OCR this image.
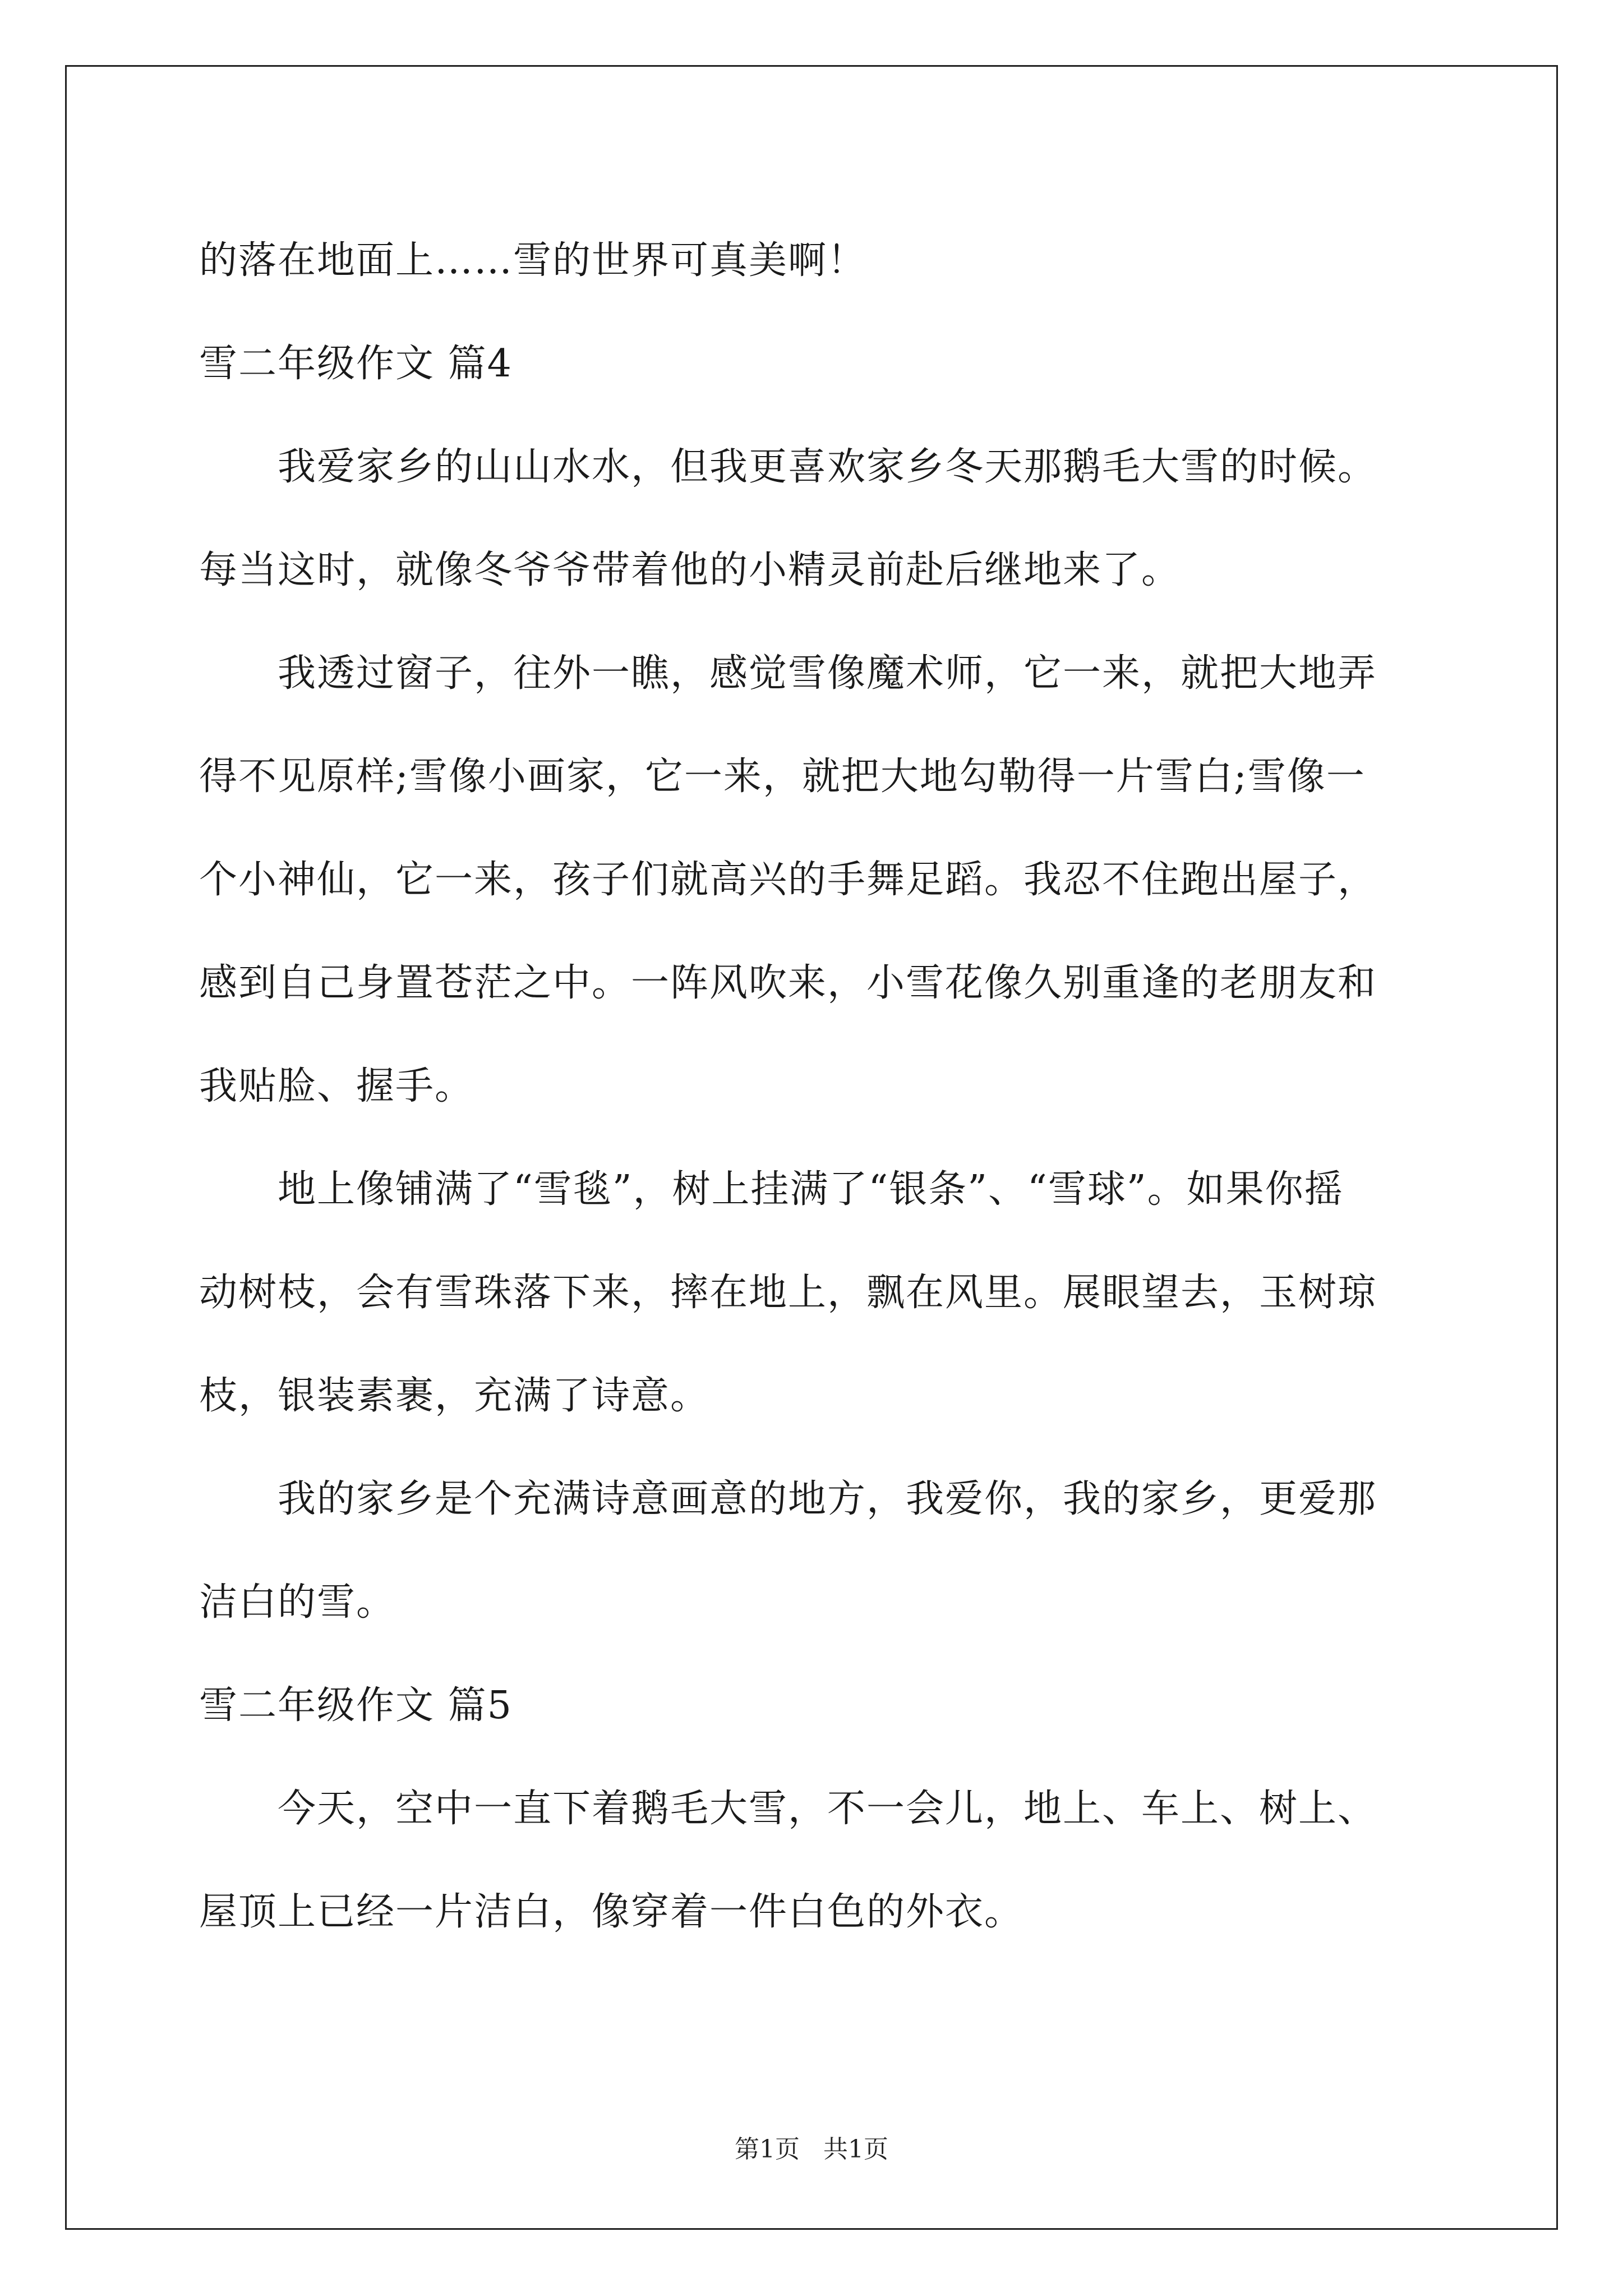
的落在地面上……雪的世界可真美啊！
雪二年级作文 篇4
我爱家乡的山山水水，但我更喜欢家乡冬天那鹅毛大雪的时候。
每当这时，就像冬爷爷带着他的小精灵前赴后继地来了。
我透过窗子，往外一瞧，感觉雪像魔术师，它一来，就把大地弄
得不见原样;雪像小画家，它一来，就把大地勾勒得一片雪白;雪像一
个小神仙，它一来，孩子们就高兴的手舞足蹈。我忍不住跑出屋子，
感到自己身置苍茫之中。一阵风吹来，小雪花像久别重逢的老朋友和
我贴脸、握手。
地上像铺满了“雪毯”，树上挂满了“银条”、“雪球”。如果你摇
动树枝，会有雪珠落下来，摔在地上，飘在风里。展眼望去，玉树琼
枝，银装素裹，充满了诗意。
我的家乡是个充满诗意画意的地方，我爱你，我的家乡，更爱那
洁白的雪。
雪二年级作文 篇5
今天，空中一直下着鹅毛大雪，不一会儿，地上、车上、树上、
屋顶上已经一片洁白，像穿着一件白色的外衣。
第1页 共1页
